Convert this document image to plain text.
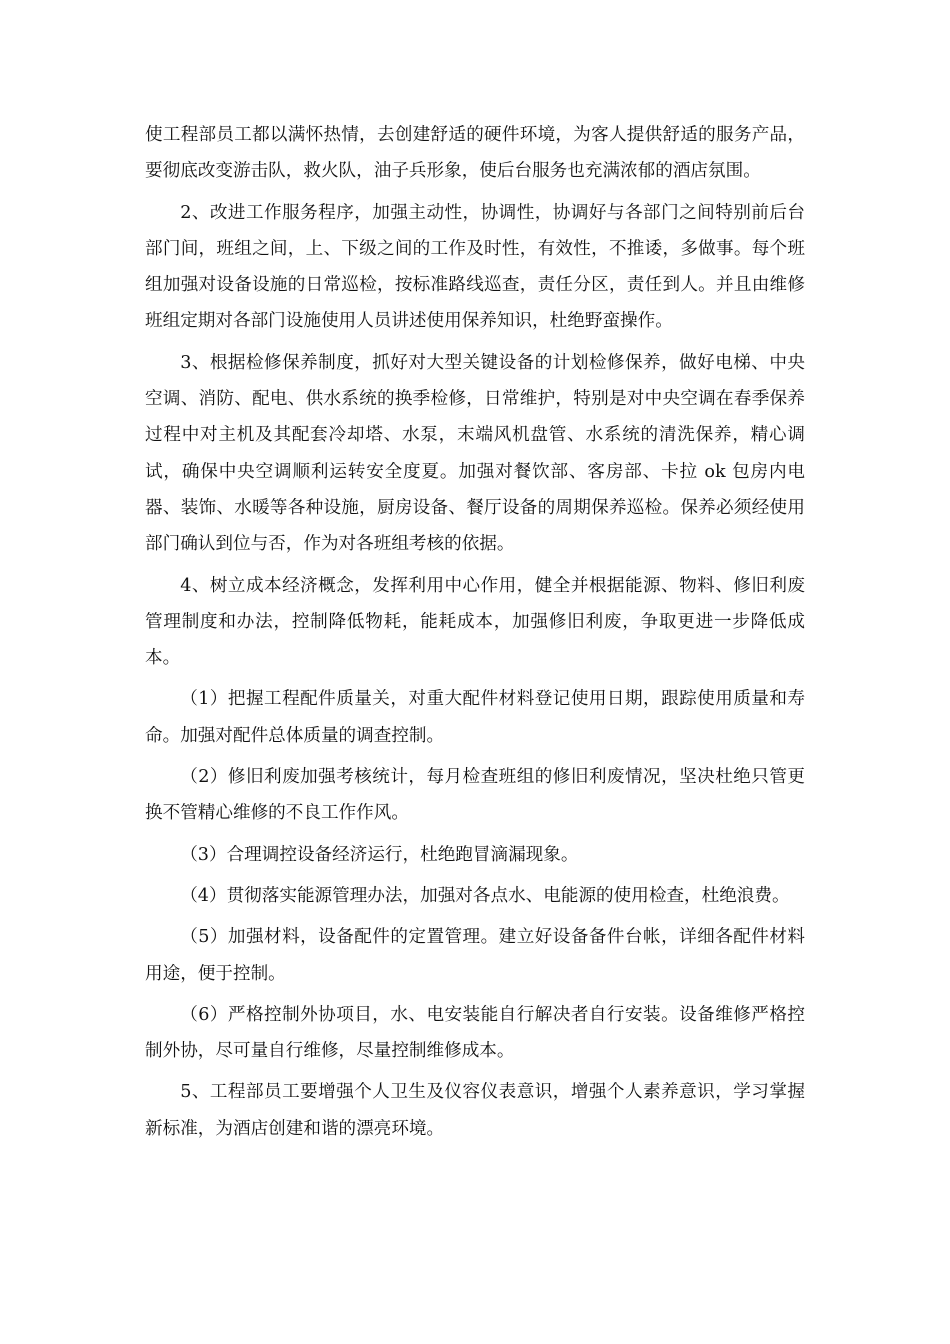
使工程部员工都以满怀热情，去创建舒适的硬件环境，为客人提供舒适的服务产品，要彻底改变游击队，救火队，油子兵形象，使后台服务也充满浓郁的酒店氛围。

2、改进工作服务程序，加强主动性，协调性，协调好与各部门之间特别前后台部门间，班组之间，上、下级之间的工作及时性，有效性，不推诿，多做事。每个班组加强对设备设施的日常巡检，按标准路线巡查，责任分区，责任到人。并且由维修班组定期对各部门设施使用人员讲述使用保养知识，杜绝野蛮操作。

3、根据检修保养制度，抓好对大型关键设备的计划检修保养，做好电梯、中央空调、消防、配电、供水系统的换季检修，日常维护，特别是对中央空调在春季保养过程中对主机及其配套冷却塔、水泵，末端风机盘管、水系统的清洗保养，精心调试，确保中央空调顺利运转安全度夏。加强对餐饮部、客房部、卡拉 ok 包房内电器、装饰、水暖等各种设施，厨房设备、餐厅设备的周期保养巡检。保养必须经使用部门确认到位与否，作为对各班组考核的依据。

4、树立成本经济概念，发挥利用中心作用，健全并根据能源、物料、修旧利废管理制度和办法，控制降低物耗，能耗成本，加强修旧利废，争取更进一步降低成本。

（1）把握工程配件质量关，对重大配件材料登记使用日期，跟踪使用质量和寿命。加强对配件总体质量的调查控制。

（2）修旧利废加强考核统计，每月检查班组的修旧利废情况，坚决杜绝只管更换不管精心维修的不良工作作风。

（3）合理调控设备经济运行，杜绝跑冒滴漏现象。

（4）贯彻落实能源管理办法，加强对各点水、电能源的使用检查，杜绝浪费。

（5）加强材料，设备配件的定置管理。建立好设备备件台帐，详细各配件材料用途，便于控制。

（6）严格控制外协项目，水、电安装能自行解决者自行安装。设备维修严格控制外协，尽可量自行维修，尽量控制维修成本。

5、工程部员工要增强个人卫生及仪容仪表意识，增强个人素养意识，学习掌握新标准，为酒店创建和谐的漂亮环境。
